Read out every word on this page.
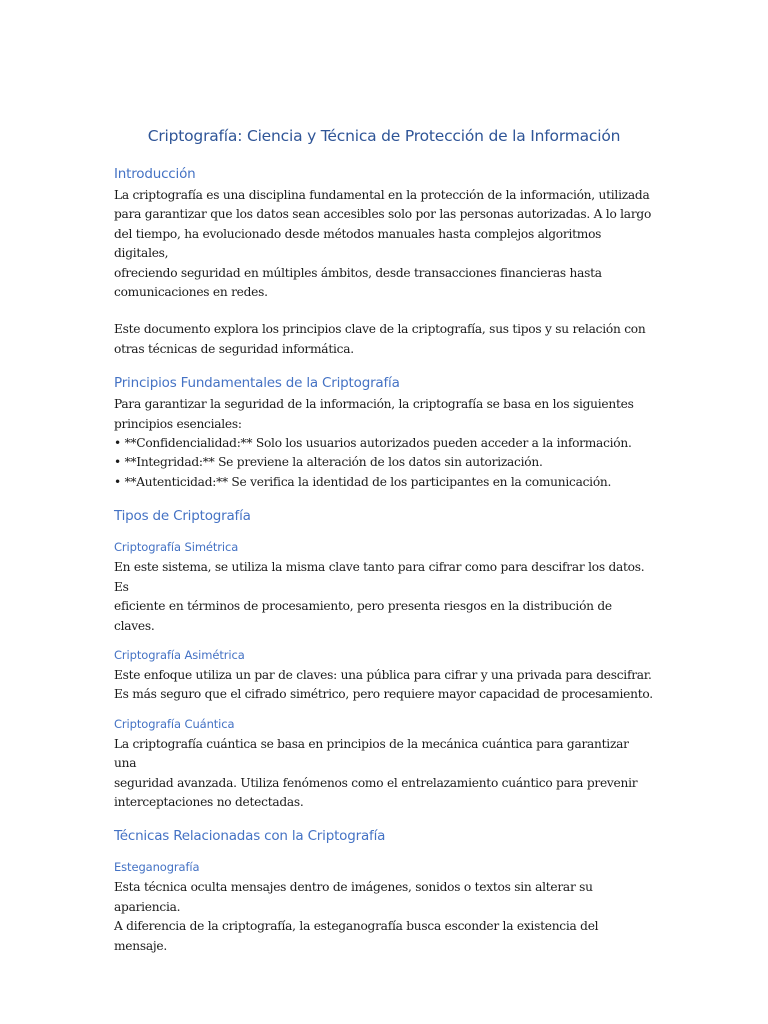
Criptografía: Ciencia y Técnica de Protección de la Información
Introducción

La criptografía es una disciplina fundamental en la protección de la información, utilizada
para garantizar que los datos sean accesibles solo por las personas autorizadas. A lo largo
del tiempo, ha evolucionado desde métodos manuales hasta complejos algoritmos digitales,
ofreciendo seguridad en múltiples ámbitos, desde transacciones financieras hasta
comunicaciones en redes.

Este documento explora los principios clave de la criptografía, sus tipos y su relación con
otras técnicas de seguridad informática.

Principios Fundamentales de la Criptografía

Para garantizar la seguridad de la información, la criptografía se basa en los siguientes
principios esenciales:

• **Confidencialidad:** Solo los usuarios autorizados pueden acceder a la información.
• **Integridad:** Se previene la alteración de los datos sin autorización.
• **Autenticidad:** Se verifica la identidad de los participantes en la comunicación.
Tipos de Criptografía
Criptografía Simétrica

En este sistema, se utiliza la misma clave tanto para cifrar como para descifrar los datos. Es
eficiente en términos de procesamiento, pero presenta riesgos en la distribución de claves.

Criptografía Asimétrica

Este enfoque utiliza un par de claves: una pública para cifrar y una privada para descifrar.
Es más seguro que el cifrado simétrico, pero requiere mayor capacidad de procesamiento.

Criptografía Cuántica

La criptografía cuántica se basa en principios de la mecánica cuántica para garantizar una
seguridad avanzada. Utiliza fenómenos como el entrelazamiento cuántico para prevenir
interceptaciones no detectadas.

Técnicas Relacionadas con la Criptografía
Esteganografía

Esta técnica oculta mensajes dentro de imágenes, sonidos o textos sin alterar su apariencia.
A diferencia de la criptografía, la esteganografía busca esconder la existencia del mensaje.
